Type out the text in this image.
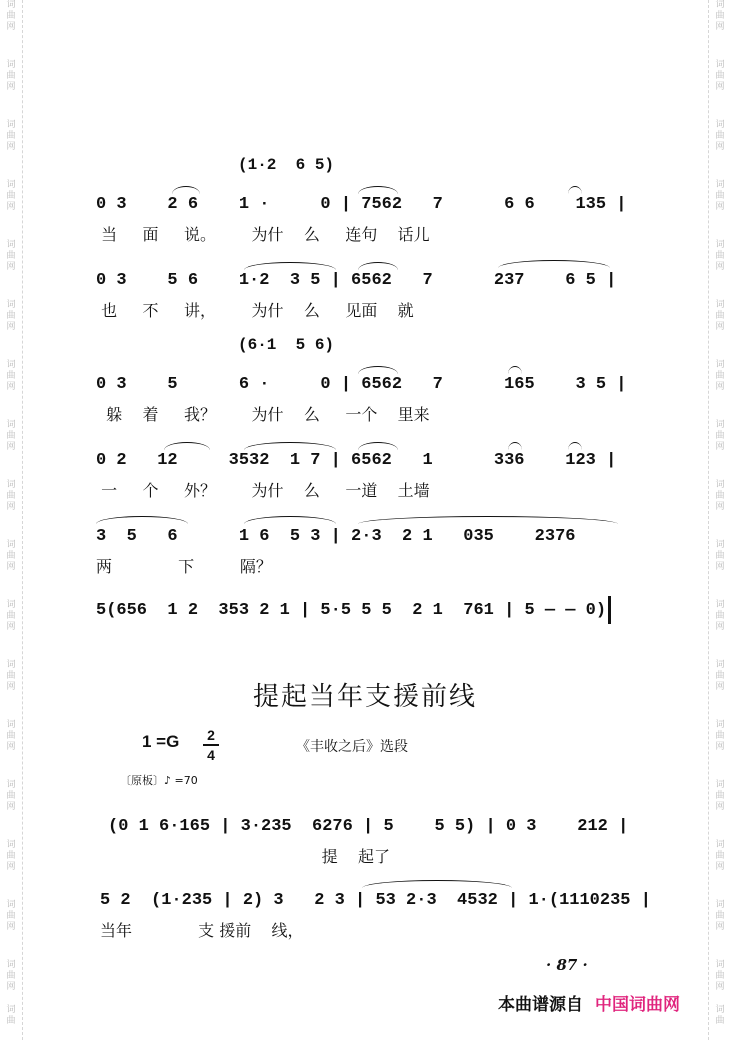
词
曲
网
词
曲
网
词
曲
网
词
曲
网
词
曲
网
词
曲
网
词
曲
网
词
曲
网
词
曲
网
词
曲
网
词
曲
网
词
曲
网
词
曲
网
词
曲
网
词
曲
网
词
曲
网
词
曲
网
词
曲
词
曲
网
词
曲
网
词
曲
网
词
曲
网
词
曲
网
词
曲
网
词
曲
网
词
曲
网
词
曲
网
词
曲
网
词
曲
网
词
曲
网
词
曲
网
词
曲
网
词
曲
网
词
曲
网
词
曲
网
词
曲
(1·2  6 5)
(6·1  5 6)
0 3    2 6    1 ·     0 | 7562   7      6 6    135 |
当     面     说。       为什    么     连句    话儿
0 3    5 6    1·2  3 5 | 6562   7      237    6 5 |
也     不     讲，       为什    么     见面    就
0 3    5      6 ·     0 | 6562   7      165    3 5 |
躲    着     我？       为什    么     一个    里来
0 2   12     3532  1 7 | 6562   1      336    123 |
一     个     外？       为什    么     一道    土墙
3  5   6      1 6  5 3 | 2·3  2 1   035    2376
两             下         隔？
5(656  1 2  353 2 1 | 5·5 5 5  2 1  761 | 5 — — 0)
提起当年支援前线
1 =G 2
4	《丰收之后》选段
〔原板〕♪ =70
(0 1 6·165 | 3·235  6276 | 5    5 5) | 0 3    212 |
提    起了
5 2  (1·235 | 2) 3   2 3 | 53 2·3  4532 | 1·(1110235 |
当年             支 援前    线，
· 87 ·
本曲谱源自 中国词曲网
